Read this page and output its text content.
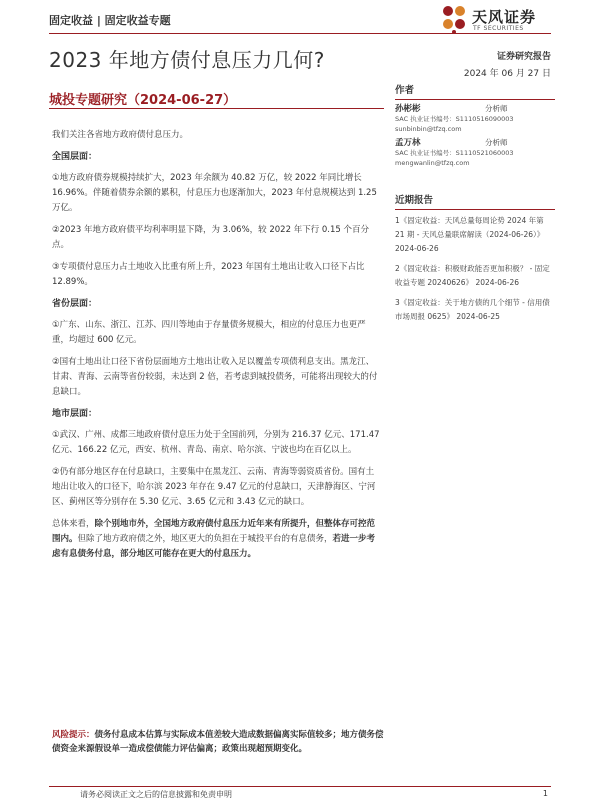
固定收益 | 固定收益专题	天风证券
TF SECURITIES
2023 年地方债付息压力几何?	证券研究报告
2024 年 06 月 27 日
城投专题研究（2024-06-27）

我们关注各省地方政府债付息压力。

全国层面：

①地方政府债券规模持续扩大，2023 年余额为 40.82 万亿，较 2022 年同比增长 16.96%。伴随着债券余额的累积，付息压力也逐渐加大，2023 年付息规模达到 1.25 万亿。

②2023 年地方政府债平均利率明显下降，为 3.06%，较 2022 年下行 0.15 个百分点。

③专项债付息压力占土地收入比重有所上升，2023 年国有土地出让收入口径下占比 12.89%。

省份层面：

①广东、山东、浙江、江苏、四川等地由于存量债务规模大，相应的付息压力也更严重，均超过 600 亿元。

②国有土地出让口径下省份层面地方土地出让收入足以覆盖专项债利息支出。黑龙江、甘肃、青海、云南等省份较弱，未达到 2 倍，若考虑到城投债务，可能将出现较大的付息缺口。

地市层面：

①武汉、广州、成都三地政府债付息压力处于全国前列，分别为 216.37 亿元、171.47 亿元、166.22 亿元，西安、杭州、青岛、南京、哈尔滨、宁波也均在百亿以上。

②仍有部分地区存在付息缺口，主要集中在黑龙江、云南、青海等弱资质省份。国有土地出让收入的口径下，哈尔滨 2023 年存在 9.47 亿元的付息缺口，天津静海区、宁河区、蓟州区等分别存在 5.30 亿元、3.65 亿元和 3.43 亿元的缺口。

总体来看，除个别地市外，全国地方政府债付息压力近年来有所提升，但整体存可控范围内。但除了地方政府债之外，地区更大的负担在于城投平台的有息债务，若进一步考虑有息债务付息，部分地区可能存在更大的付息压力。

作者
孙彬彬	分析师
SAC 执业证书编号：S1110516090003
sunbinbin@tfzq.com
孟万林	分析师
SAC 执业证书编号：S1110521060003
mengwanlin@tfzq.com
近期报告
1《固定收益：天风总量每周论势 2024 年第 21 期 - 天风总量联席解读（2024-06-26）》 2024-06-26
2《固定收益：积极财政能否更加积极？ - 固定收益专题 20240626》 2024-06-26
3《固定收益：关于地方债的几个细节 - 信用债市场周报 0625》 2024-06-25
风险提示：债务付息成本估算与实际成本值差较大造成数据偏离实际值较多；地方债务偿债资金来源假设单一造成偿债能力评估偏离；政策出现超预期变化。
请务必阅读正文之后的信息披露和免责申明	1
